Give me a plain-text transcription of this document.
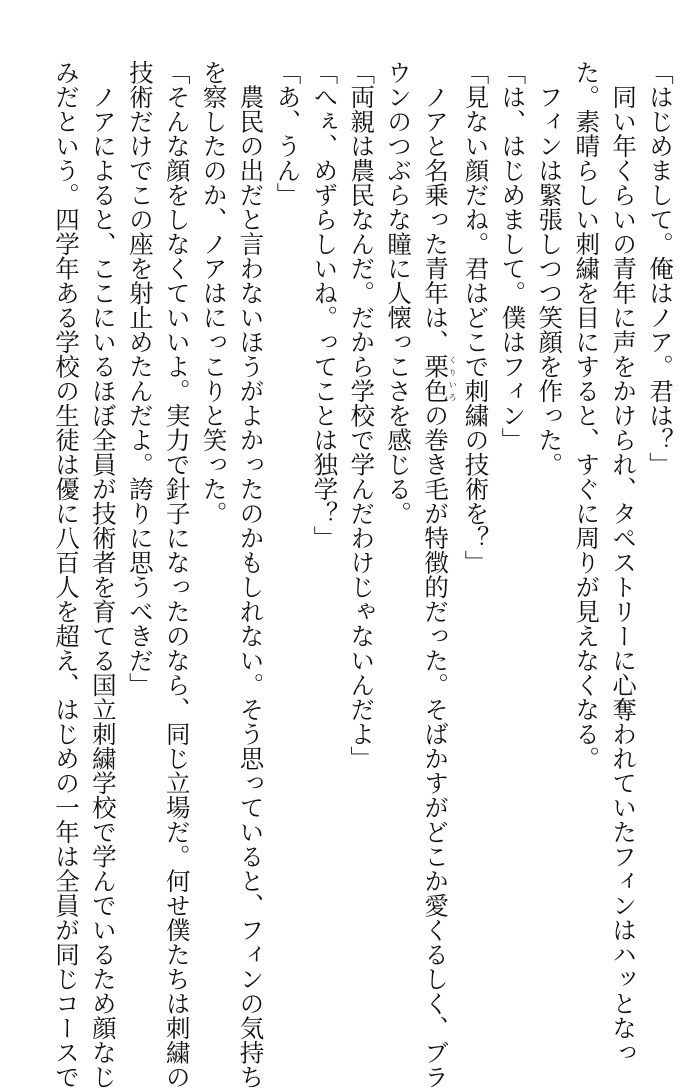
「はじめまして。俺はノア。君は？」
　同い年くらいの青年に声をかけられ、タペストリーに心奪われていたフィンはハッとなっ
た。素晴らしい刺繍を目にすると、すぐに周りが見えなくなる。
　フィンは緊張しつつ笑顔を作った。
「は、はじめまして。僕はフィン」
「見ない顔だね。君はどこで刺繍の技術を？」
　ノアと名乗った青年は、栗色くりいろの巻き毛が特徴的だった。そばかすがどこか愛くるしく、ブラ
ウンのつぶらな瞳に人懐っこさを感じる。
「両親は農民なんだ。だから学校で学んだわけじゃないんだよ」
「へぇ、めずらしいね。ってことは独学？」
「あ、うん」
　農民の出だと言わないほうがよかったのかもしれない。そう思っていると、フィンの気持ち
を察したのか、ノアはにっこりと笑った。
「そんな顔をしなくていいよ。実力で針子になったのなら、同じ立場だ。何せ僕たちは刺繍の
技術だけでこの座を射止めたんだよ。誇りに思うべきだ」
　ノアによると、ここにいるほぼ全員が技術者を育てる国立刺繍学校で学んでいるため顔なじ
みだという。四学年ある学校の生徒は優に八百人を超え、はじめの一年は全員が同じコースで
